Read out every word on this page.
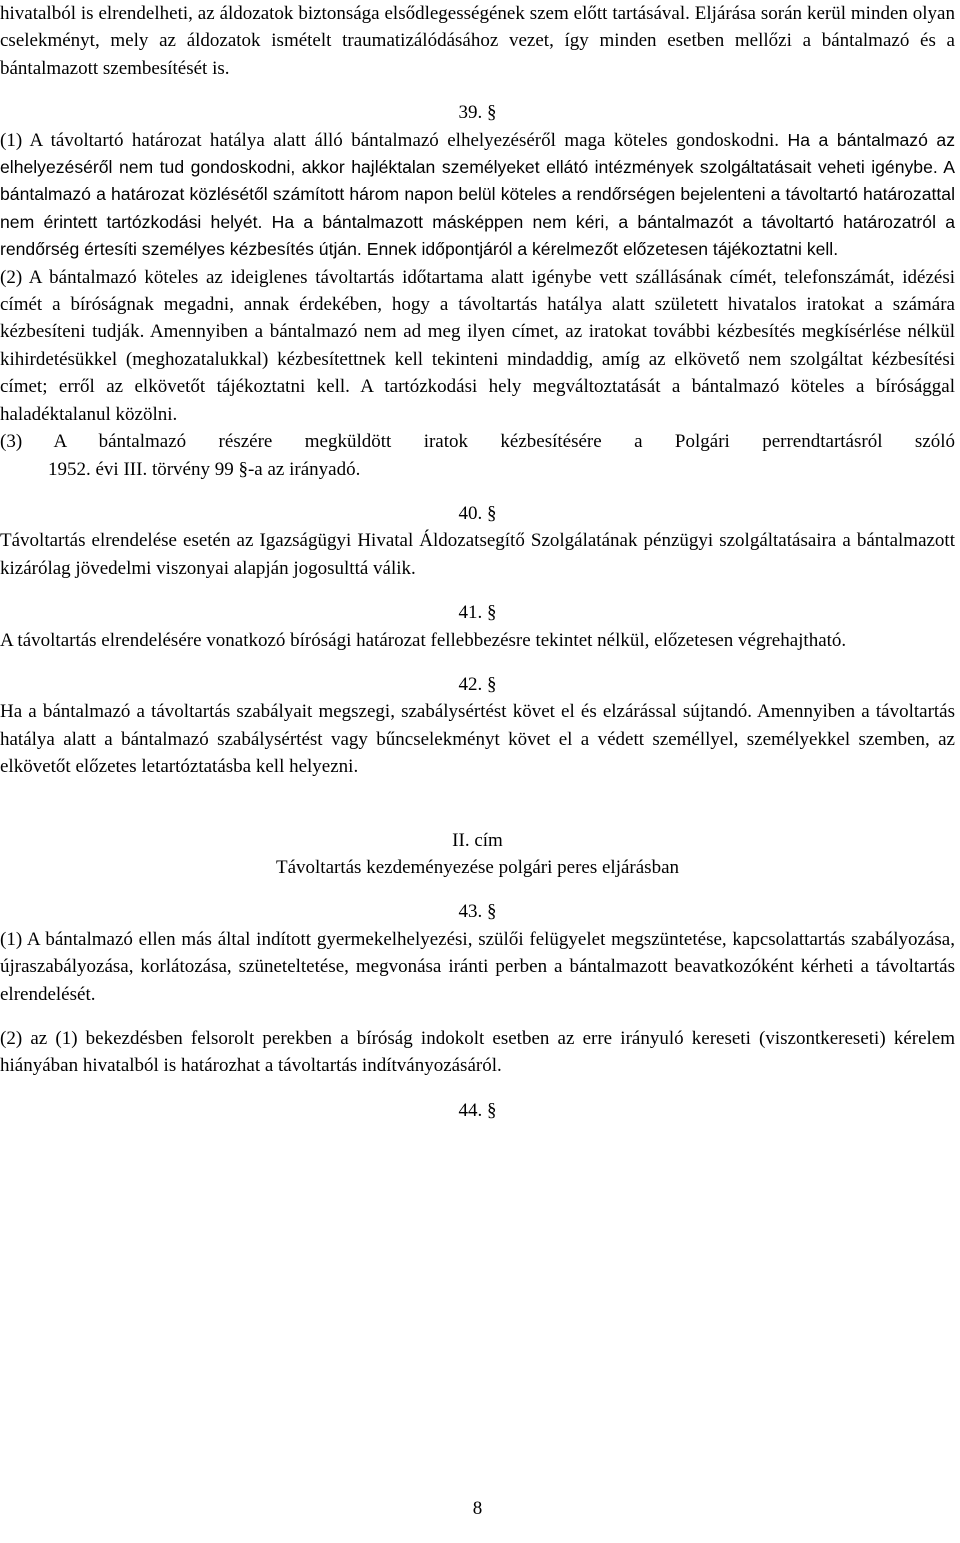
hivatalból is elrendelheti, az áldozatok biztonsága elsődlegességének szem előtt tartásával. Eljárása során kerül minden olyan cselekményt, mely az áldozatok ismételt traumatizálódásához vezet, így minden esetben mellőzi a bántalmazó és a bántalmazott szembesítését is.

39. §

(1) A távoltartó határozat hatálya alatt álló bántalmazó elhelyezéséről maga köteles gondoskodni. Ha a bántalmazó az elhelyezéséről nem tud gondoskodni, akkor hajléktalan személyeket ellátó intézmények szolgáltatásait veheti igénybe. A bántalmazó a határozat közlésétől számított három napon belül köteles a rendőrségen bejelenteni a távoltartó határozattal nem érintett tartózkodási helyét. Ha a bántalmazott másképpen nem kéri, a bántalmazót a távoltartó határozatról a rendőrség értesíti személyes kézbesítés útján. Ennek időpontjáról a kérelmezőt előzetesen tájékoztatni kell.

(2) A bántalmazó köteles az ideiglenes távoltartás időtartama alatt igénybe vett szállásának címét, telefonszámát, idézési címét a bíróságnak megadni, annak érdekében, hogy a távoltartás hatálya alatt született hivatalos iratokat a számára kézbesíteni tudják. Amennyiben a bántalmazó nem ad meg ilyen címet, az iratokat további kézbesítés megkísérlése nélkül kihirdetésükkel (meghozatalukkal) kézbesítettnek kell tekinteni mindaddig, amíg az elkövető nem szolgáltat kézbesítési címet; erről az elkövetőt tájékoztatni kell. A tartózkodási hely megváltoztatását a bántalmazó köteles a bírósággal haladéktalanul közölni.

(3) A bántalmazó részére megküldött iratok kézbesítésére a Polgári perrendtartásról szóló

1952. évi III. törvény 99 §-a az irányadó.

40. §

Távoltartás elrendelése esetén az Igazságügyi Hivatal Áldozatsegítő Szolgálatának pénzügyi szolgáltatásaira a bántalmazott kizárólag jövedelmi viszonyai alapján jogosulttá válik.

41. §

A távoltartás elrendelésére vonatkozó bírósági határozat fellebbezésre tekintet nélkül, előzetesen végrehajtható.

42. §

Ha a bántalmazó a távoltartás szabályait megszegi, szabálysértést követ el és elzárással sújtandó. Amennyiben a távoltartás hatálya alatt a bántalmazó szabálysértést vagy bűncselekményt követ el a védett személlyel, személyekkel szemben, az elkövetőt előzetes letartóztatásba kell helyezni.

II. cím
Távoltartás kezdeményezése polgári peres eljárásban
43. §

(1) A bántalmazó ellen más által indított gyermekelhelyezési, szülői felügyelet megszüntetése, kapcsolattartás szabályozása, újraszabályozása, korlátozása, szüneteltetése, megvonása iránti perben a bántalmazott beavatkozóként kérheti a távoltartás elrendelését.

(2) az (1) bekezdésben felsorolt perekben a bíróság indokolt esetben az erre irányuló kereseti (viszontkereseti) kérelem hiányában hivatalból is határozhat a távoltartás indítványozásáról.

44. §
8
